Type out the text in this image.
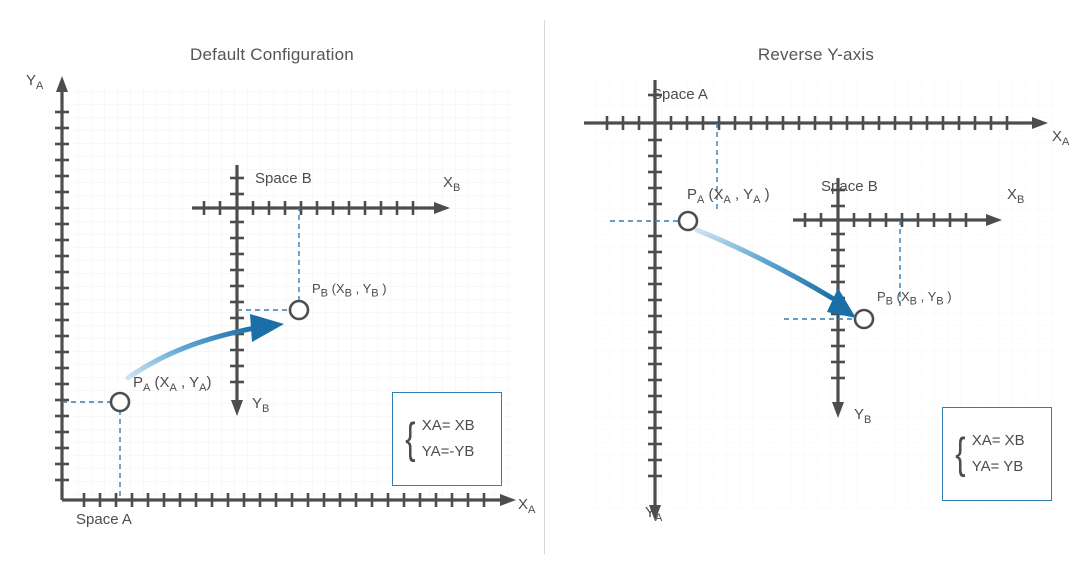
Default Configuration
$Y_A$
$X_A$
$X_B$
$Y_B$
Space A
Space B
$P_A$ ($X_A$ , $Y_A$)
$P_B$ ($X_B$ , $Y_B$ )
{ XA= XB
YA=-YB
Reverse Y-axis
$X_A$
$Y_A$
$X_B$
$Y_B$
Space A
Space B
$P_A$ ($X_A$ , $Y_A$ )
$P_B$ ($X_B$ , $Y_B$ )
{ XA= XB
YA= YB
